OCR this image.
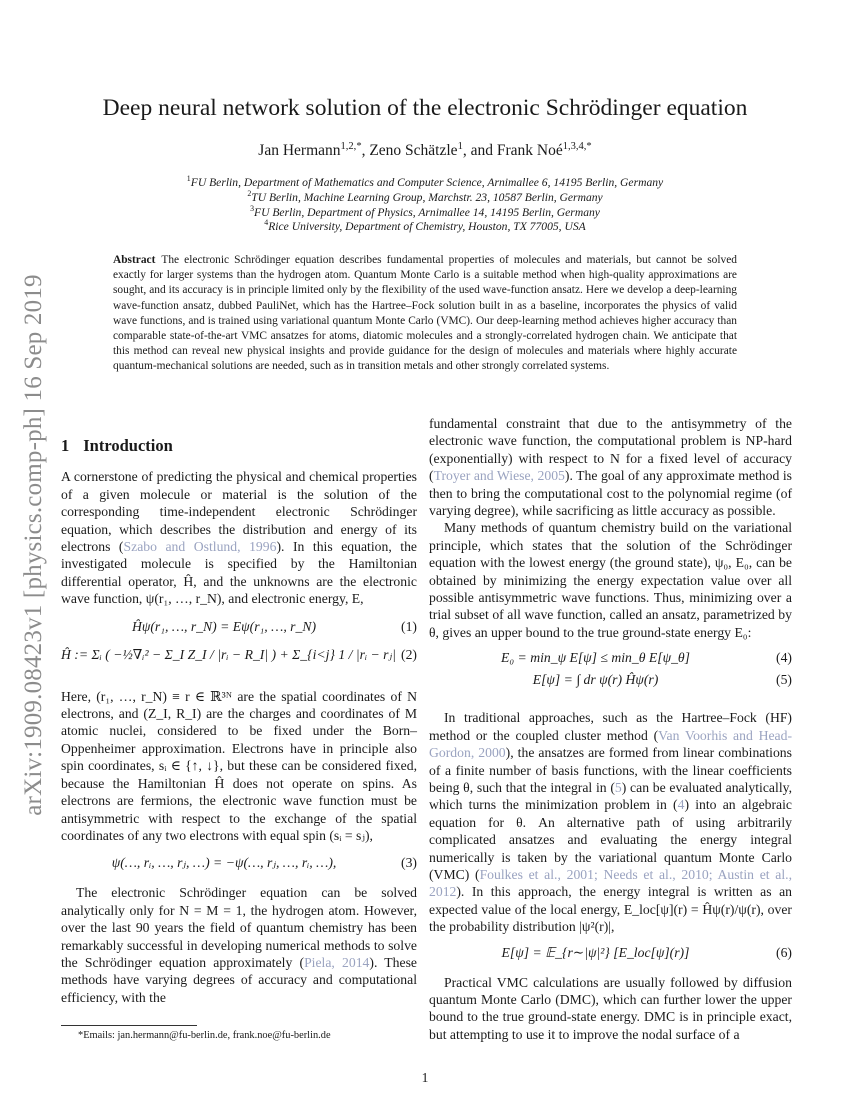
arXiv:1909.08423v1 [physics.comp-ph] 16 Sep 2019
Deep neural network solution of the electronic Schrödinger equation
Jan Hermann$^{1,2,*}$, Zeno Schätzle$^1$, and Frank Noé$^{1,3,4,*}$
$^1$FU Berlin, Department of Mathematics and Computer Science, Arnimallee 6, 14195 Berlin, Germany
$^2$TU Berlin, Machine Learning Group, Marchstr. 23, 10587 Berlin, Germany
$^3$FU Berlin, Department of Physics, Arnimallee 14, 14195 Berlin, Germany
$^4$Rice University, Department of Chemistry, Houston, TX 77005, USA
Abstract The electronic Schrödinger equation describes fundamental properties of molecules and materials, but cannot be solved exactly for larger systems than the hydrogen atom. Quantum Monte Carlo is a suitable method when high-quality approximations are sought, and its accuracy is in principle limited only by the flexibility of the used wave-function ansatz. Here we develop a deep-learning wave-function ansatz, dubbed PauliNet, which has the Hartree–Fock solution built in as a baseline, incorporates the physics of valid wave functions, and is trained using variational quantum Monte Carlo (VMC). Our deep-learning method achieves higher accuracy than comparable state-of-the-art VMC ansatzes for atoms, diatomic molecules and a strongly-correlated hydrogen chain. We anticipate that this method can reveal new physical insights and provide guidance for the design of molecules and materials where highly accurate quantum-mechanical solutions are needed, such as in transition metals and other strongly correlated systems.

1 Introduction

A cornerstone of predicting the physical and chemical properties of a given molecule or material is the solution of the corresponding time-independent electronic Schrödinger equation, which describes the distribution and energy of its electrons (Szabo and Ostlund, 1996). In this equation, the investigated molecule is specified by the Hamiltonian differential operator, Ĥ, and the unknowns are the electronic wave function, ψ(r₁, …, r_N), and electronic energy, E,

Ĥψ(r₁, …, r_N) = Eψ(r₁, …, r_N)	(1)
Ĥ := Σᵢ ( −½∇ᵢ² − Σ_I Z_I / |rᵢ − R_I| ) + Σ_{i<j} 1 / |rᵢ − rⱼ| (2)

Here, (r₁, …, r_N) ≡ r ∈ ℝ³ᴺ are the spatial coordinates of N electrons, and (Z_I, R_I) are the charges and coordinates of M atomic nuclei, considered to be fixed under the Born–Oppenheimer approximation. Electrons have in principle also spin coordinates, sᵢ ∈ {↑, ↓}, but these can be considered fixed, because the Hamiltonian Ĥ does not operate on spins. As electrons are fermions, the electronic wave function must be antisymmetric with respect to the exchange of the spatial coordinates of any two electrons with equal spin (sᵢ = sⱼ),

ψ(…, rᵢ, …, rⱼ, …) = −ψ(…, rⱼ, …, rᵢ, …),	(3)

The electronic Schrödinger equation can be solved analytically only for N = M = 1, the hydrogen atom. However, over the last 90 years the field of quantum chemistry has been remarkably successful in developing numerical methods to solve the Schrödinger equation approximately (Piela, 2014). These methods have varying degrees of accuracy and computational efficiency, with the

fundamental constraint that due to the antisymmetry of the electronic wave function, the computational problem is NP-hard (exponentially) with respect to N for a fixed level of accuracy (Troyer and Wiese, 2005). The goal of any approximate method is then to bring the computational cost to the polynomial regime (of varying degree), while sacrificing as little accuracy as possible.

Many methods of quantum chemistry build on the variational principle, which states that the solution of the Schrödinger equation with the lowest energy (the ground state), ψ₀, E₀, can be obtained by minimizing the energy expectation value over all possible antisymmetric wave functions. Thus, minimizing over a trial subset of all wave function, called an ansatz, parametrized by θ, gives an upper bound to the true ground-state energy E₀:

E₀ = min_ψ E[ψ] ≤ min_θ E[ψ_θ]	(4)
E[ψ] = ∫ dr ψ(r) Ĥψ(r)	(5)

In traditional approaches, such as the Hartree–Fock (HF) method or the coupled cluster method (Van Voorhis and Head-Gordon, 2000), the ansatzes are formed from linear combinations of a finite number of basis functions, with the linear coefficients being θ, such that the integral in (5) can be evaluated analytically, which turns the minimization problem in (4) into an algebraic equation for θ. An alternative path of using arbitrarily complicated ansatzes and evaluating the energy integral numerically is taken by the variational quantum Monte Carlo (VMC) (Foulkes et al., 2001; Needs et al., 2010; Austin et al., 2012). In this approach, the energy integral is written as an expected value of the local energy, E_loc[ψ](r) = Ĥψ(r)/ψ(r), over the probability distribution |ψ²(r)|,

E[ψ] = 𝔼_{r∼|ψ|²} [E_loc[ψ](r)]	(6)

Practical VMC calculations are usually followed by diffusion quantum Monte Carlo (DMC), which can further lower the upper bound to the true ground-state energy. DMC is in principle exact, but attempting to use it to improve the nodal surface of a

*Emails: jan.hermann@fu-berlin.de, frank.noe@fu-berlin.de
1
